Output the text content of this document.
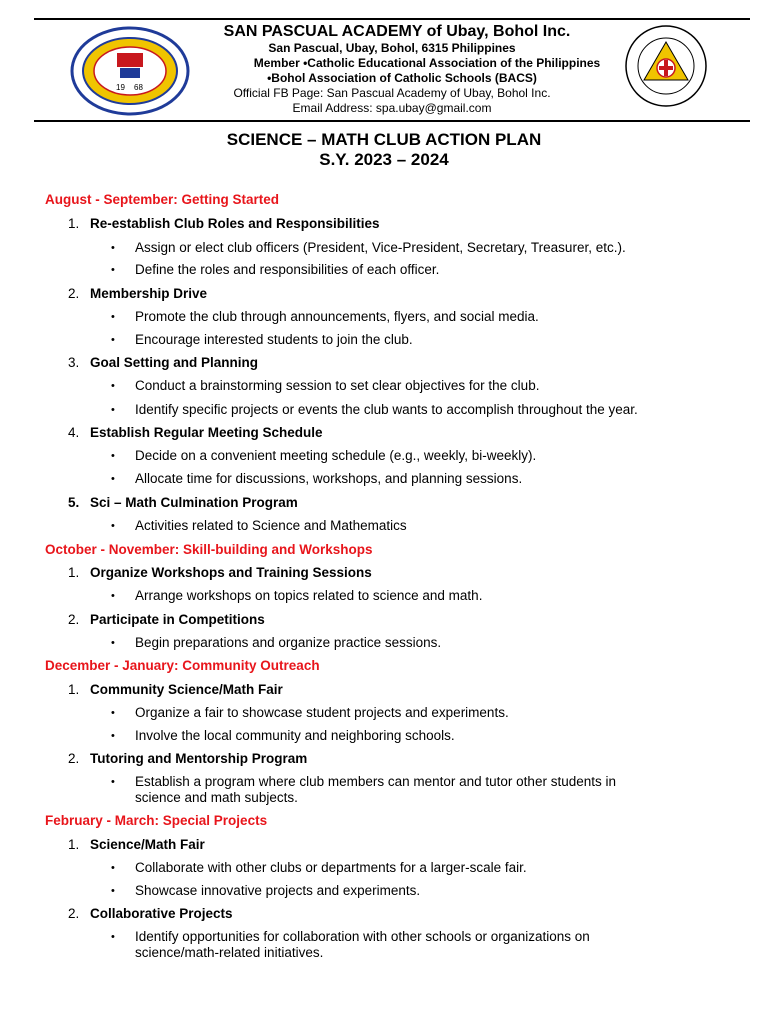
19 68
SAN PASCUAL ACADEMY of Ubay, Bohol Inc.
San Pascual, Ubay, Bohol, 6315 Philippines
Member •Catholic Educational Association of the Philippines
•Bohol Association of Catholic Schools (BACS)
Official FB Page: San Pascual Academy of Ubay, Bohol Inc.
Email Address: spa.ubay@gmail.com
SCIENCE – MATH CLUB ACTION PLAN
S.Y. 2023 – 2024
August - September: Getting Started
1. Re-establish Club Roles and Responsibilities
• Assign or elect club officers (President, Vice-President, Secretary, Treasurer, etc.).
• Define the roles and responsibilities of each officer.
2. Membership Drive
• Promote the club through announcements, flyers, and social media.
• Encourage interested students to join the club.
3. Goal Setting and Planning
• Conduct a brainstorming session to set clear objectives for the club.
• Identify specific projects or events the club wants to accomplish throughout the year.
4. Establish Regular Meeting Schedule
• Decide on a convenient meeting schedule (e.g., weekly, bi-weekly).
• Allocate time for discussions, workshops, and planning sessions.
5. Sci – Math Culmination Program
• Activities related to Science and Mathematics
October - November: Skill-building and Workshops
1. Organize Workshops and Training Sessions
• Arrange workshops on topics related to science and math.
2. Participate in Competitions
• Begin preparations and organize practice sessions.
December - January: Community Outreach
1. Community Science/Math Fair
• Organize a fair to showcase student projects and experiments.
• Involve the local community and neighboring schools.
2. Tutoring and Mentorship Program
• Establish a program where club members can mentor and tutor other students in science and math subjects.
February - March: Special Projects
1. Science/Math Fair
• Collaborate with other clubs or departments for a larger-scale fair.
• Showcase innovative projects and experiments.
2. Collaborative Projects
• Identify opportunities for collaboration with other schools or organizations on science/math-related initiatives.
